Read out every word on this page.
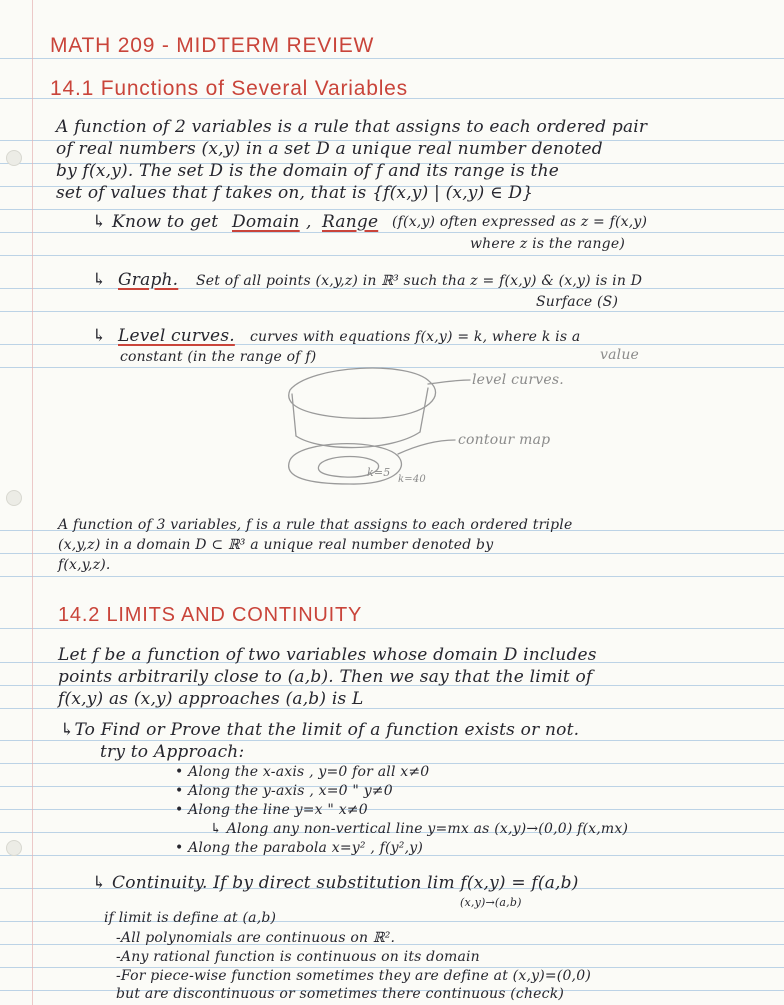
MATH 209 - MIDTERM REVIEW
14.1 Functions of Several Variables
A function of 2 variables is a rule that assigns to each ordered pair
of real numbers (x,y) in a set D a unique real number denoted
by f(x,y). The set D is the domain of f and its range is the
set of values that f takes on, that is {f(x,y) | (x,y) ∈ D}
↳ Know to get Domain , Range (f(x,y) often expressed as z = f(x,y)
where z is the range)
↳ Graph. Set of all points (x,y,z) in ℝ³ such tha z = f(x,y) & (x,y) is in D
Surface (S)
↳ Level curves. curves with equations f(x,y) = k, where k is a
constant (in the range of f)	value
level curves.
contour map
k=5
k=40
A function of 3 variables, f is a rule that assigns to each ordered triple
(x,y,z) in a domain D ⊂ ℝ³ a unique real number denoted by
f(x,y,z).
14.2 LIMITS AND CONTINUITY
Let f be a function of two variables whose domain D includes
points arbitrarily close to (a,b). Then we say that the limit of
f(x,y) as (x,y) approaches (a,b) is L
↳To Find or Prove that the limit of a function exists or not.
try to Approach:
• Along the x-axis , y=0 for all x≠0
• Along the y-axis , x=0 " y≠0
• Along the line y=x " x≠0
↳ Along any non-vertical line y=mx as (x,y)→(0,0) f(x,mx)
• Along the parabola x=y² , f(y²,y)
↳ Continuity. If by direct substitution lim f(x,y) = f(a,b)
(x,y)→(a,b)
if limit is define at (a,b)
-All polynomials are continuous on ℝ².
-Any rational function is continuous on its domain
-For piece-wise function sometimes they are define at (x,y)=(0,0)
but are discontinuous or sometimes there continuous (check)
